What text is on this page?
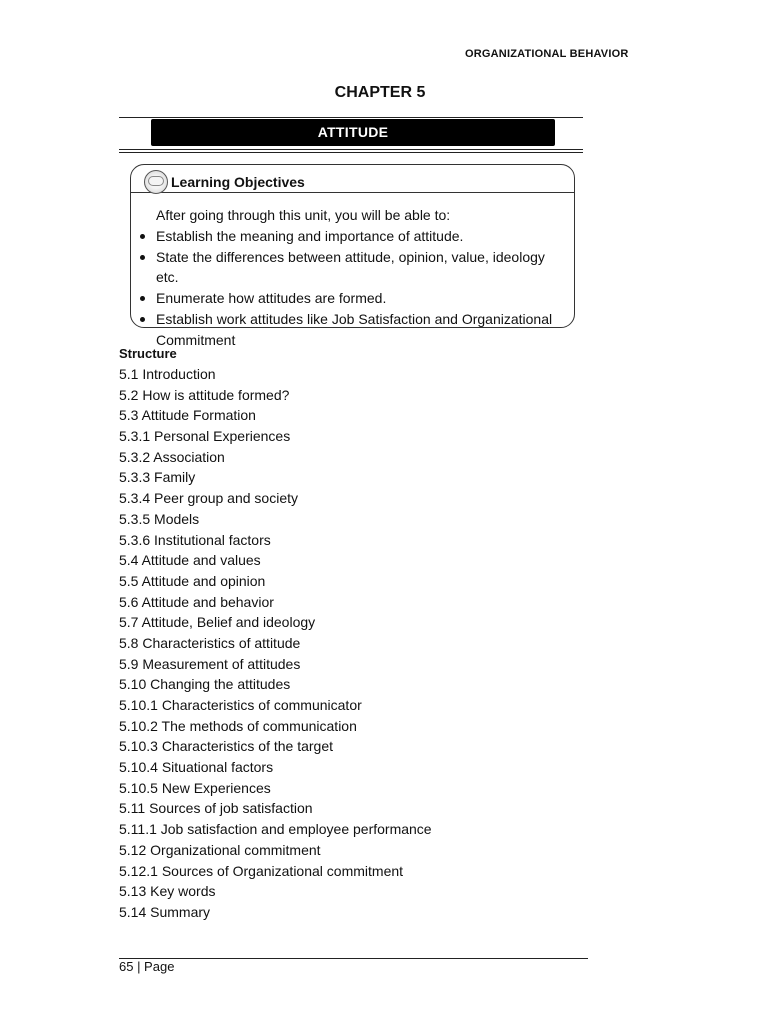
ORGANIZATIONAL BEHAVIOR
CHAPTER 5
ATTITUDE
Learning Objectives
After going through this unit, you will be able to:
Establish the meaning and importance of attitude.
State the differences between attitude, opinion, value, ideology etc.
Enumerate how attitudes are formed.
Establish work attitudes like Job Satisfaction and Organizational Commitment
Structure
5.1 Introduction
5.2 How is attitude formed?
5.3 Attitude Formation
5.3.1 Personal Experiences
5.3.2 Association
5.3.3 Family
5.3.4 Peer group and society
5.3.5 Models
5.3.6 Institutional factors
5.4 Attitude and values
5.5 Attitude and opinion
5.6 Attitude and behavior
5.7 Attitude, Belief and ideology
5.8 Characteristics of attitude
5.9 Measurement of attitudes
5.10 Changing the attitudes
5.10.1 Characteristics of communicator
5.10.2 The methods of communication
5.10.3 Characteristics of the target
5.10.4 Situational factors
5.10.5 New Experiences
5.11 Sources of job satisfaction
5.11.1 Job satisfaction and employee performance
5.12 Organizational commitment
5.12.1 Sources of Organizational commitment
5.13 Key words
5.14 Summary
65 | Page
